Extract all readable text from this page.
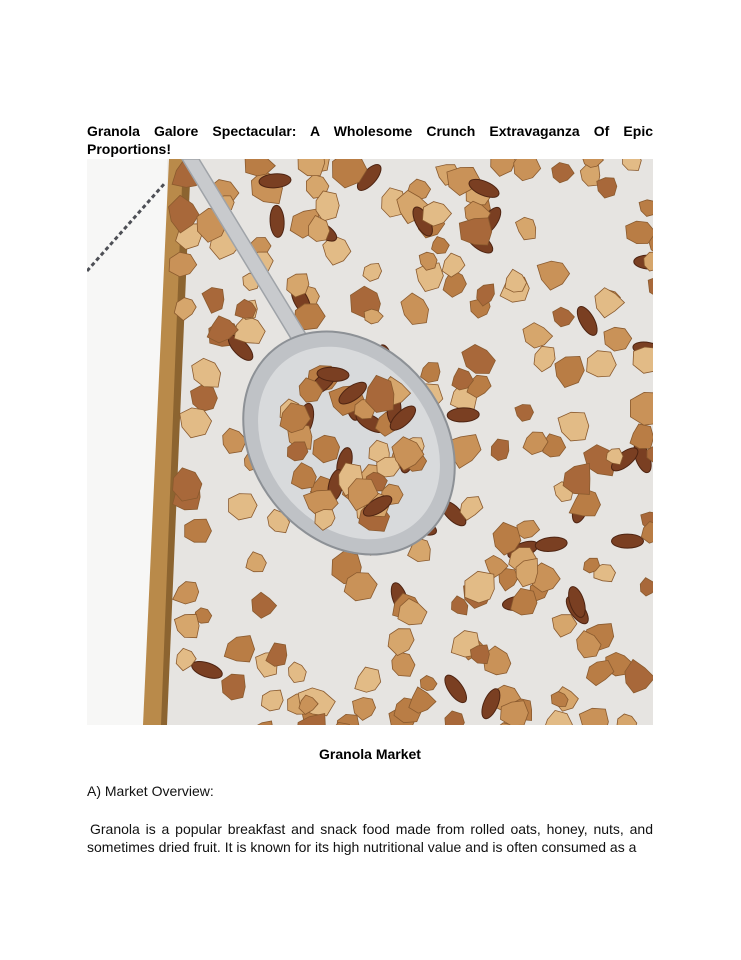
Granola Galore Spectacular: A Wholesome Crunch Extravaganza Of Epic Proportions!

Granola Market

A) Market Overview:

Granola is a popular breakfast and snack food made from rolled oats, honey, nuts, and sometimes dried fruit. It is known for its high nutritional value and is often consumed as a
